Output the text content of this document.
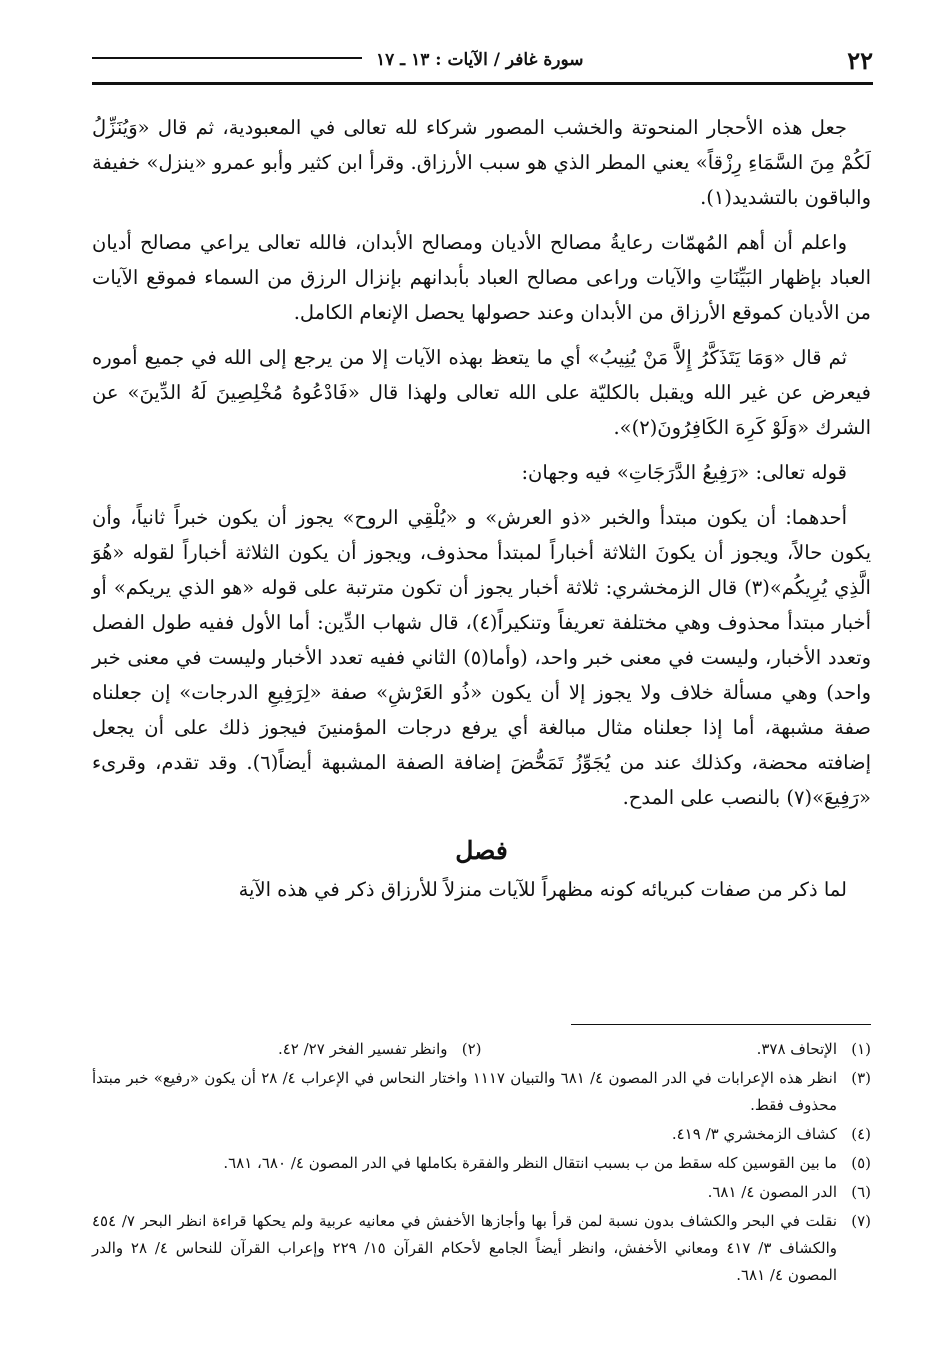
٢٢
سورة غافر / الآيات : ١٣ ـ ١٧

جعل هذه الأحجار المنحوتة والخشب المصور شركاء لله تعالى في المعبودية، ثم قال «وَيُنَزِّلُ لَكُمْ مِنَ السَّمَاءِ رِزْقاً» يعني المطر الذي هو سبب الأرزاق. وقرأ ابن كثير وأبو عمرو «ينزل» خفيفة والباقون بالتشديد(١).

واعلم أن أهم المُهمّات رعايةُ مصالح الأديان ومصالح الأبدان، فالله تعالى يراعي مصالح أديان العباد بإظهار البَيِّنَاتِ والآيات وراعى مصالح العباد بأبدانهم بإنزال الرزق من السماء فموقع الآيات من الأديان كموقع الأرزاق من الأبدان وعند حصولها يحصل الإنعام الكامل.

ثم قال «وَمَا يَتَذَكَّرُ إِلاَّ مَنْ يُنِيبُ» أي ما يتعظ بهذه الآيات إلا من يرجع إلى الله في جميع أموره فيعرض عن غير الله ويقبل بالكليّة على الله تعالى ولهذا قال «فَادْعُوهُ مُخْلِصِينَ لَهُ الدِّينَ» عن الشرك «وَلَوْ كَرِهَ الكَافِرُونَ(٢)».

قوله تعالى: «رَفِيعُ الدَّرَجَاتِ» فيه وجهان:

أحدهما: أن يكون مبتدأ والخبر «ذو العرش» و «يُلْقِي الروح» يجوز أن يكون خبراً ثانياً، وأن يكون حالاً، ويجوز أن يكونَ الثلاثة أخباراً لمبتدأ محذوف، ويجوز أن يكون الثلاثة أخباراً لقوله «هُوَ الَّذِي يُرِيكُم»(٣) قال الزمخشري: ثلاثة أخبار يجوز أن تكون مترتبة على قوله «هو الذي يريكم» أو أخبار مبتدأ محذوف وهي مختلفة تعريفاً وتنكيراً(٤)، قال شهاب الدِّين: أما الأول ففيه طول الفصل وتعدد الأخبار، وليست في معنى خبر واحد، (وأما(٥) الثاني ففيه تعدد الأخبار وليست في معنى خبر واحد) وهي مسألة خلاف ولا يجوز إلا أن يكون «ذُو العَرْشِ» صفة «لِرَفِيعِ الدرجات» إن جعلناه صفة مشبهة، أما إذا جعلناه مثال مبالغة أي يرفع درجات المؤمنينَ فيجوز ذلك على أن يجعل إضافته محضة، وكذلك عند من يُجَوِّزُ تَمَحُّضَ إضافة الصفة المشبهة أيضاً(٦). وقد تقدم، وقرىء «رَفِيعَ»(٧) بالنصب على المدح.

فصل

لما ذكر من صفات كبريائه كونه مظهراً للآيات منزلاً للأرزاق ذكر في هذه الآية

(١)
الإتحاف ٣٧٨.
(٢)
وانظر تفسير الفخر ٢٧/ ٤٢.
(٣)
انظر هذه الإعرابات في الدر المصون ٤/ ٦٨١ والتبيان ١١١٧ واختار النحاس في الإعراب ٤/ ٢٨ أن يكون «رفيع» خبر مبتدأ محذوف فقط.
(٤)
كشاف الزمخشري ٣/ ٤١٩.
(٥)
ما بين القوسين كله سقط من ب بسبب انتقال النظر والفقرة بكاملها في الدر المصون ٤/ ٦٨٠، ٦٨١.
(٦)
الدر المصون ٤/ ٦٨١.
(٧)
نقلت في البحر والكشاف بدون نسبة لمن قرأ بها وأجازها الأخفش في معانيه عربية ولم يحكها قراءة انظر البحر ٧/ ٤٥٤ والكشاف ٣/ ٤١٧ ومعاني الأخفش، وانظر أيضاً الجامع لأحكام القرآن ١٥/ ٢٢٩ وإعراب القرآن للنحاس ٤/ ٢٨ والدر المصون ٤/ ٦٨١.
